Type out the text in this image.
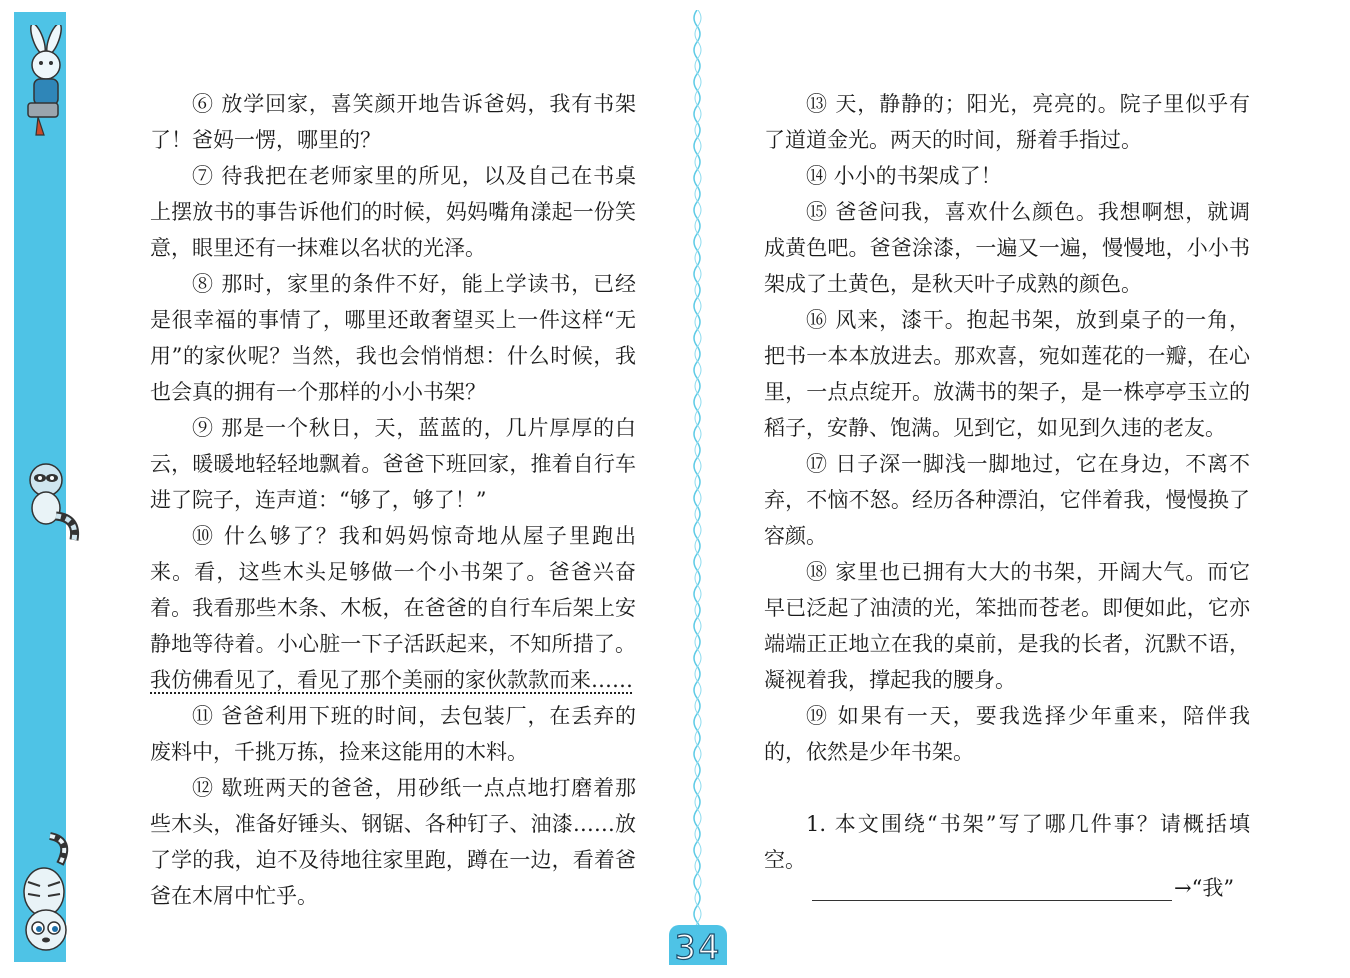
⑥ 放学回家，喜笑颜开地告诉爸妈，我有书架了！爸妈一愣，哪里的？

⑦ 待我把在老师家里的所见，以及自己在书桌上摆放书的事告诉他们的时候，妈妈嘴角漾起一份笑意，眼里还有一抹难以名状的光泽。

⑧ 那时，家里的条件不好，能上学读书，已经是很幸福的事情了，哪里还敢奢望买上一件这样“无用”的家伙呢？当然，我也会悄悄想：什么时候，我也会真的拥有一个那样的小小书架？

⑨ 那是一个秋日，天，蓝蓝的，几片厚厚的白云，暖暖地轻轻地飘着。爸爸下班回家，推着自行车进了院子，连声道：“够了，够了！”

⑩ 什么够了？我和妈妈惊奇地从屋子里跑出来。看，这些木头足够做一个小书架了。爸爸兴奋着。我看那些木条、木板，在爸爸的自行车后架上安静地等待着。小心脏一下子活跃起来，不知所措了。我仿佛看见了，看见了那个美丽的家伙款款而来……

⑪ 爸爸利用下班的时间，去包装厂，在丢弃的废料中，千挑万拣，捡来这能用的木料。

⑫ 歇班两天的爸爸，用砂纸一点点地打磨着那些木头，准备好锤头、钢锯、各种钉子、油漆……放了学的我，迫不及待地往家里跑，蹲在一边，看着爸爸在木屑中忙乎。

⑬ 天，静静的；阳光，亮亮的。院子里似乎有了道道金光。两天的时间，掰着手指过。

⑭ 小小的书架成了！

⑮ 爸爸问我，喜欢什么颜色。我想啊想，就调成黄色吧。爸爸涂漆，一遍又一遍，慢慢地，小小书架成了土黄色，是秋天叶子成熟的颜色。

⑯ 风来，漆干。抱起书架，放到桌子的一角，把书一本本放进去。那欢喜，宛如莲花的一瓣，在心里，一点点绽开。放满书的架子，是一株亭亭玉立的稻子，安静、饱满。见到它，如见到久违的老友。

⑰ 日子深一脚浅一脚地过，它在身边，不离不弃，不恼不怒。经历各种漂泊，它伴着我，慢慢换了容颜。

⑱ 家里也已拥有大大的书架，开阔大气。而它早已泛起了油渍的光，笨拙而苍老。即便如此，它亦端端正正地立在我的桌前，是我的长者，沉默不语，凝视着我，撑起我的腰身。

⑲ 如果有一天，要我选择少年重来，陪伴我的，依然是少年书架。

1. 本文围绕“书架”写了哪几件事？请概括填空。

→“我”
34
